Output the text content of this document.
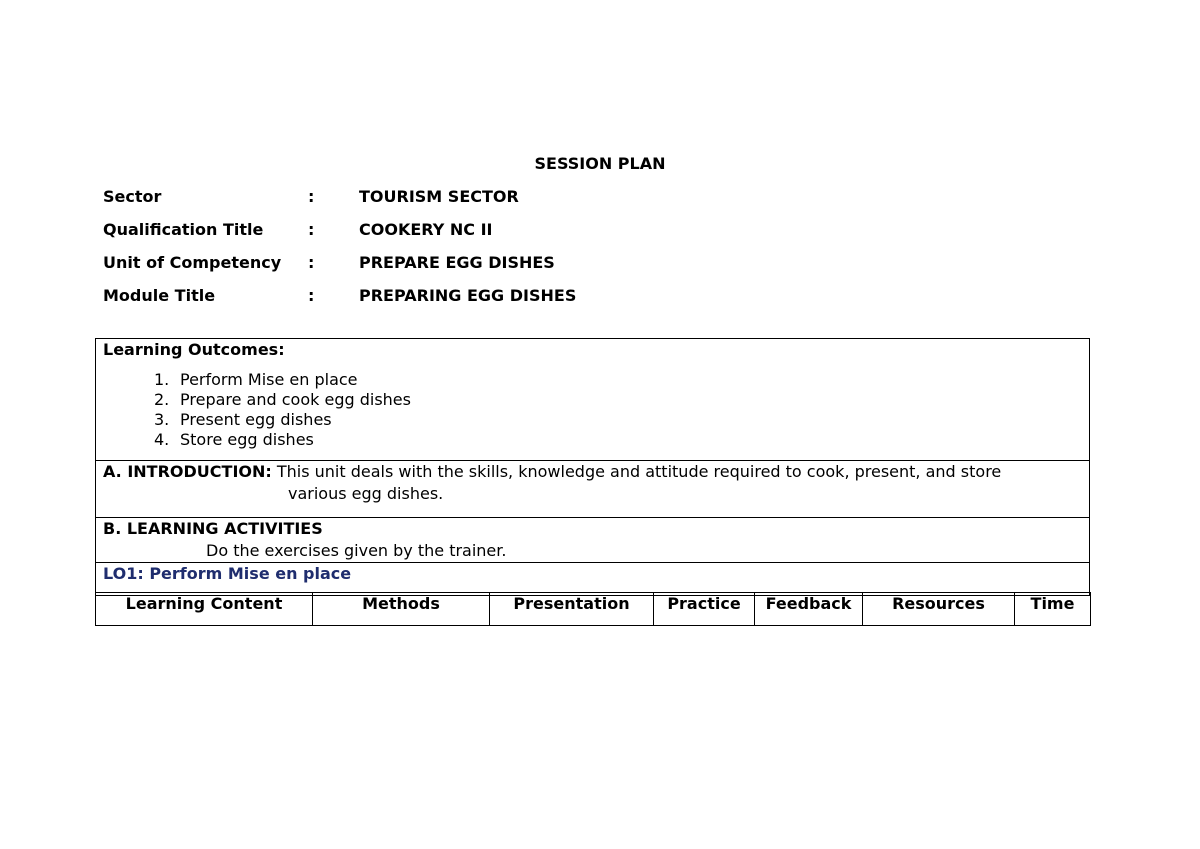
SESSION PLAN
Sector	:	TOURISM SECTOR
Qualification Title	:	COOKERY NC II
Unit of Competency :	PREPARE EGG DISHES
Module Title	:	PREPARING EGG DISHES
Learning Outcomes:
1. Perform Mise en place
2. Prepare and cook egg dishes
3. Present egg dishes
4. Store egg dishes

A. INTRODUCTION: This unit deals with the skills, knowledge and attitude required to cook, present, and store
various egg dishes.

B. LEARNING ACTIVITIES
Do the exercises given by the trainer.

LO1: Perform Mise en place
Learning Content	Methods	Presentation	Practice	Feedback	Resources	Time
